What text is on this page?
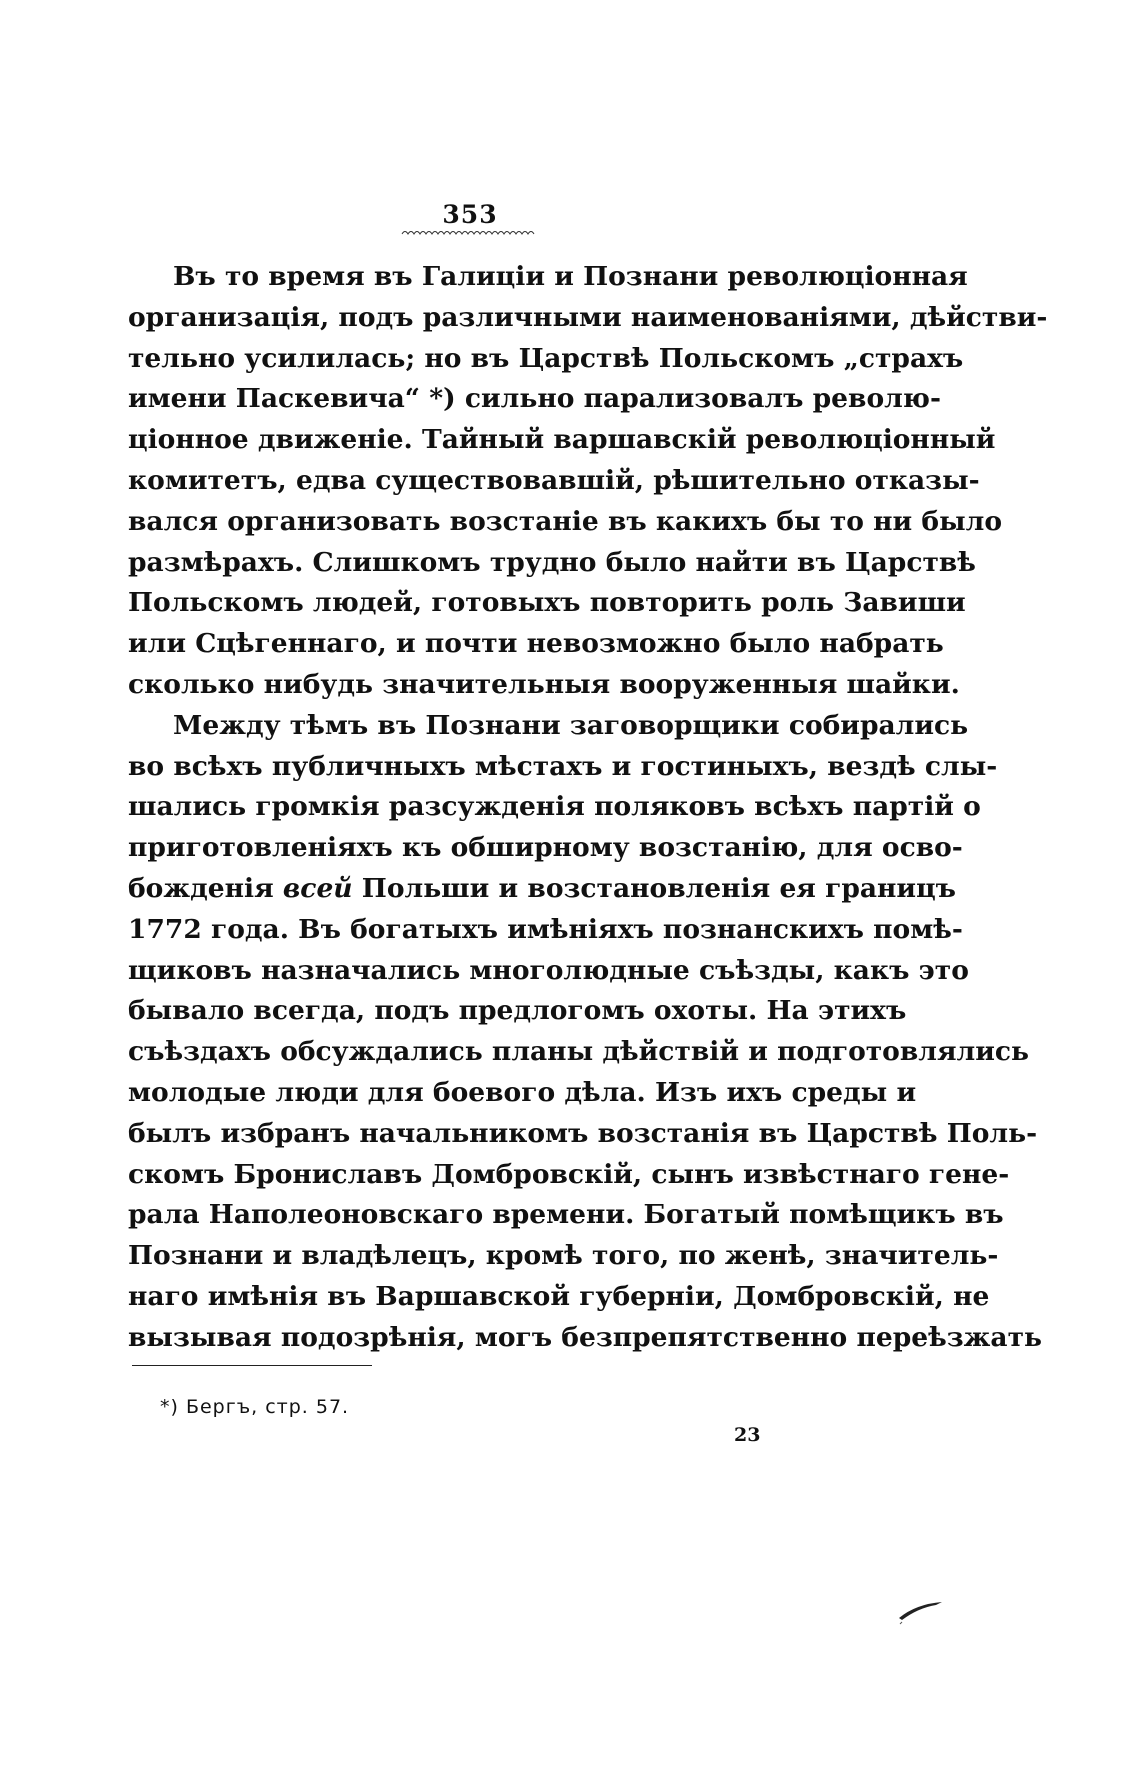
353
Въ то время въ Галиціи и Познани революціонная
организація, подъ различными наименованіями, дѣйстви-
тельно усилилась; но въ Царствѣ Польскомъ „страхъ
имени Паскевича“ *) сильно парализовалъ револю-
ціонное движеніе. Тайный варшавскій революціонный
комитетъ, едва существовавшій, рѣшительно отказы-
вался организовать возстаніе въ какихъ бы то ни было
размѣрахъ. Слишкомъ трудно было найти въ Царствѣ
Польскомъ людей, готовыхъ повторить роль Завиши
или Сцѣгеннаго, и почти невозможно было набрать
сколько нибудь значительныя вооруженныя шайки.
Между тѣмъ въ Познани заговорщики собирались
во всѣхъ публичныхъ мѣстахъ и гостиныхъ, вездѣ слы-
шались громкія разсужденія поляковъ всѣхъ партій о
приготовленіяхъ къ обширному возстанію, для осво-
божденія всей Польши и возстановленія ея границъ
1772 года. Въ богатыхъ имѣніяхъ познанскихъ помѣ-
щиковъ назначались многолюдные съѣзды, какъ это
бывало всегда, подъ предлогомъ охоты. На этихъ
съѣздахъ обсуждались планы дѣйствій и подготовлялись
молодые люди для боевого дѣла. Изъ ихъ среды и
былъ избранъ начальникомъ возстанія въ Царствѣ Поль-
скомъ Брониславъ Домбровскій, сынъ извѣстнаго гене-
рала Наполеоновскаго времени. Богатый помѣщикъ въ
Познани и владѣлецъ, кромѣ того, по женѣ, значитель-
наго имѣнія въ Варшавской губерніи, Домбровскій, не
вызывая подозрѣнія, могъ безпрепятственно переѣзжать
*) Бергъ, стр. 57.
23
